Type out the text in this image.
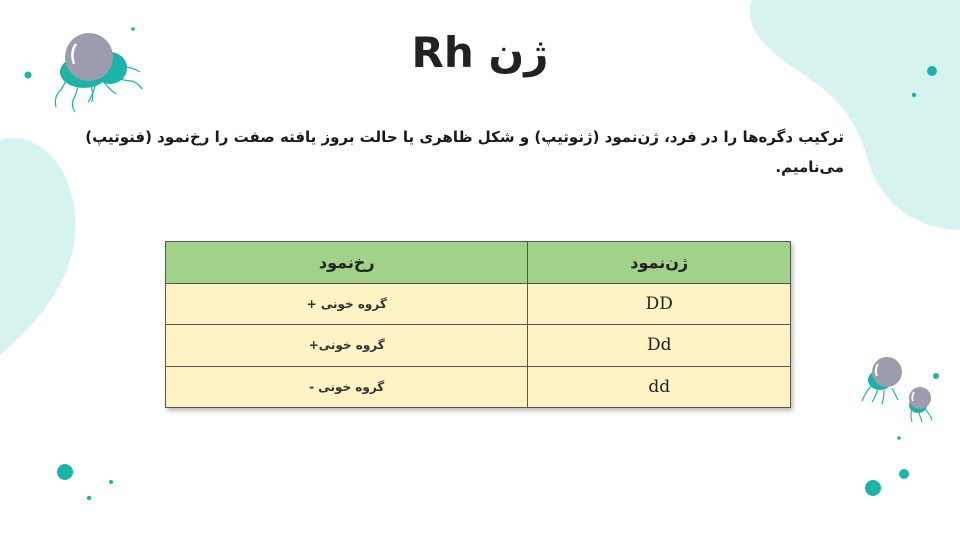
ژن Rh
ترکیب دگره‌ها را در فرد، ژن‌نمود (ژنوتیپ) و شکل ظاهری یا حالت بروز یافته صفت را رخ‌نمود (فنوتیپ) می‌نامیم.
ژن‌نمود	رخ‌نمود
DD	گروه خونی +
Dd	گروه خونی+
dd	گروه خونی -
